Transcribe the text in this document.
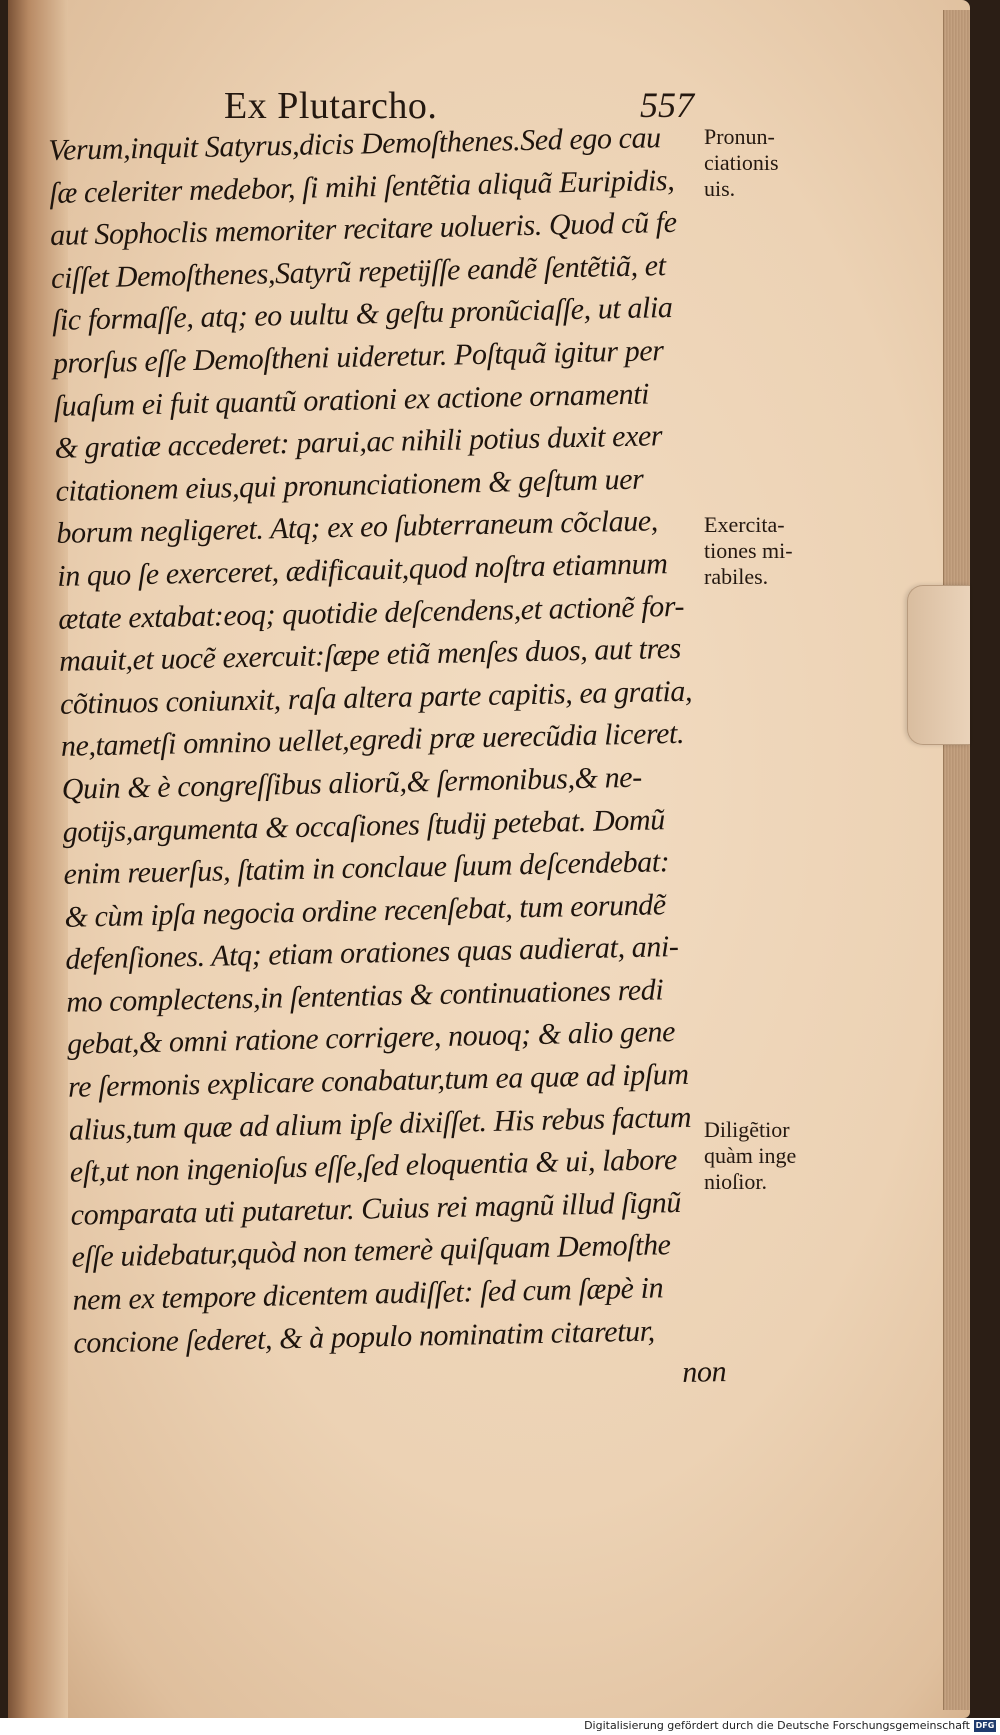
Ex Plutarcho.	557
Verum,inquit Satyrus,dicis Demoſthenes.Sed ego cau
ſæ celeriter medebor, ſi mihi ſentẽtia aliquã Euripidis,
aut Sophoclis memoriter recitare uolueris. Quod cũ fe
ciſſet Demoſthenes,Satyrũ repetĳſſe eandẽ ſentẽtiã, et
ſic formaſſe, atq; eo uultu & geſtu pronũciaſſe, ut alia
prorſus eſſe Demoſtheni uideretur. Poſtquã igitur per
ſuaſum ei fuit quantũ orationi ex actione ornamenti
& gratiæ accederet: parui,ac nihili potius duxit exer
citationem eius,qui pronunciationem & geſtum uer
borum negligeret. Atq; ex eo ſubterraneum cõclaue,
in quo ſe exerceret, ædificauit,quod noſtra etiamnum
ætate extabat:eoq; quotidie deſcendens,et actionẽ for-
mauit,et uocẽ exercuit:ſæpe etiã menſes duos, aut tres
cõtinuos coniunxit, raſa altera parte capitis, ea gratia,
ne,tametſi omnino uellet,egredi præ uerecũdia liceret.
Quin & è congreſſibus aliorũ,& ſermonibus,& ne-
gotĳs,argumenta & occaſiones ſtudĳ petebat. Domũ
enim reuerſus, ſtatim in conclaue ſuum deſcendebat:
& cùm ipſa negocia ordine recenſebat, tum eorundẽ
defenſiones. Atq; etiam orationes quas audierat, ani-
mo complectens,in ſententias & continuationes redi
gebat,& omni ratione corrigere, nouoq; & alio gene
re ſermonis explicare conabatur,tum ea quæ ad ipſum
alius,tum quæ ad alium ipſe dixiſſet. His rebus factum
eſt,ut non ingenioſus eſſe,ſed eloquentia & ui, labore
comparata uti putaretur. Cuius rei magnũ illud ſignũ
eſſe uidebatur,quòd non temerè quiſquam Demoſthe
nem ex tempore dicentem audiſſet: ſed cum ſæpè in
concione ſederet, & à populo nominatim citaretur,
non
Pronun-
ciationis
uis.
Exercita-
tiones mi-
rabiles.
Diligẽtior
quàm inge
nioſior.
Digitalisierung gefördert durch die Deutsche Forschungsgemeinschaft DFG
